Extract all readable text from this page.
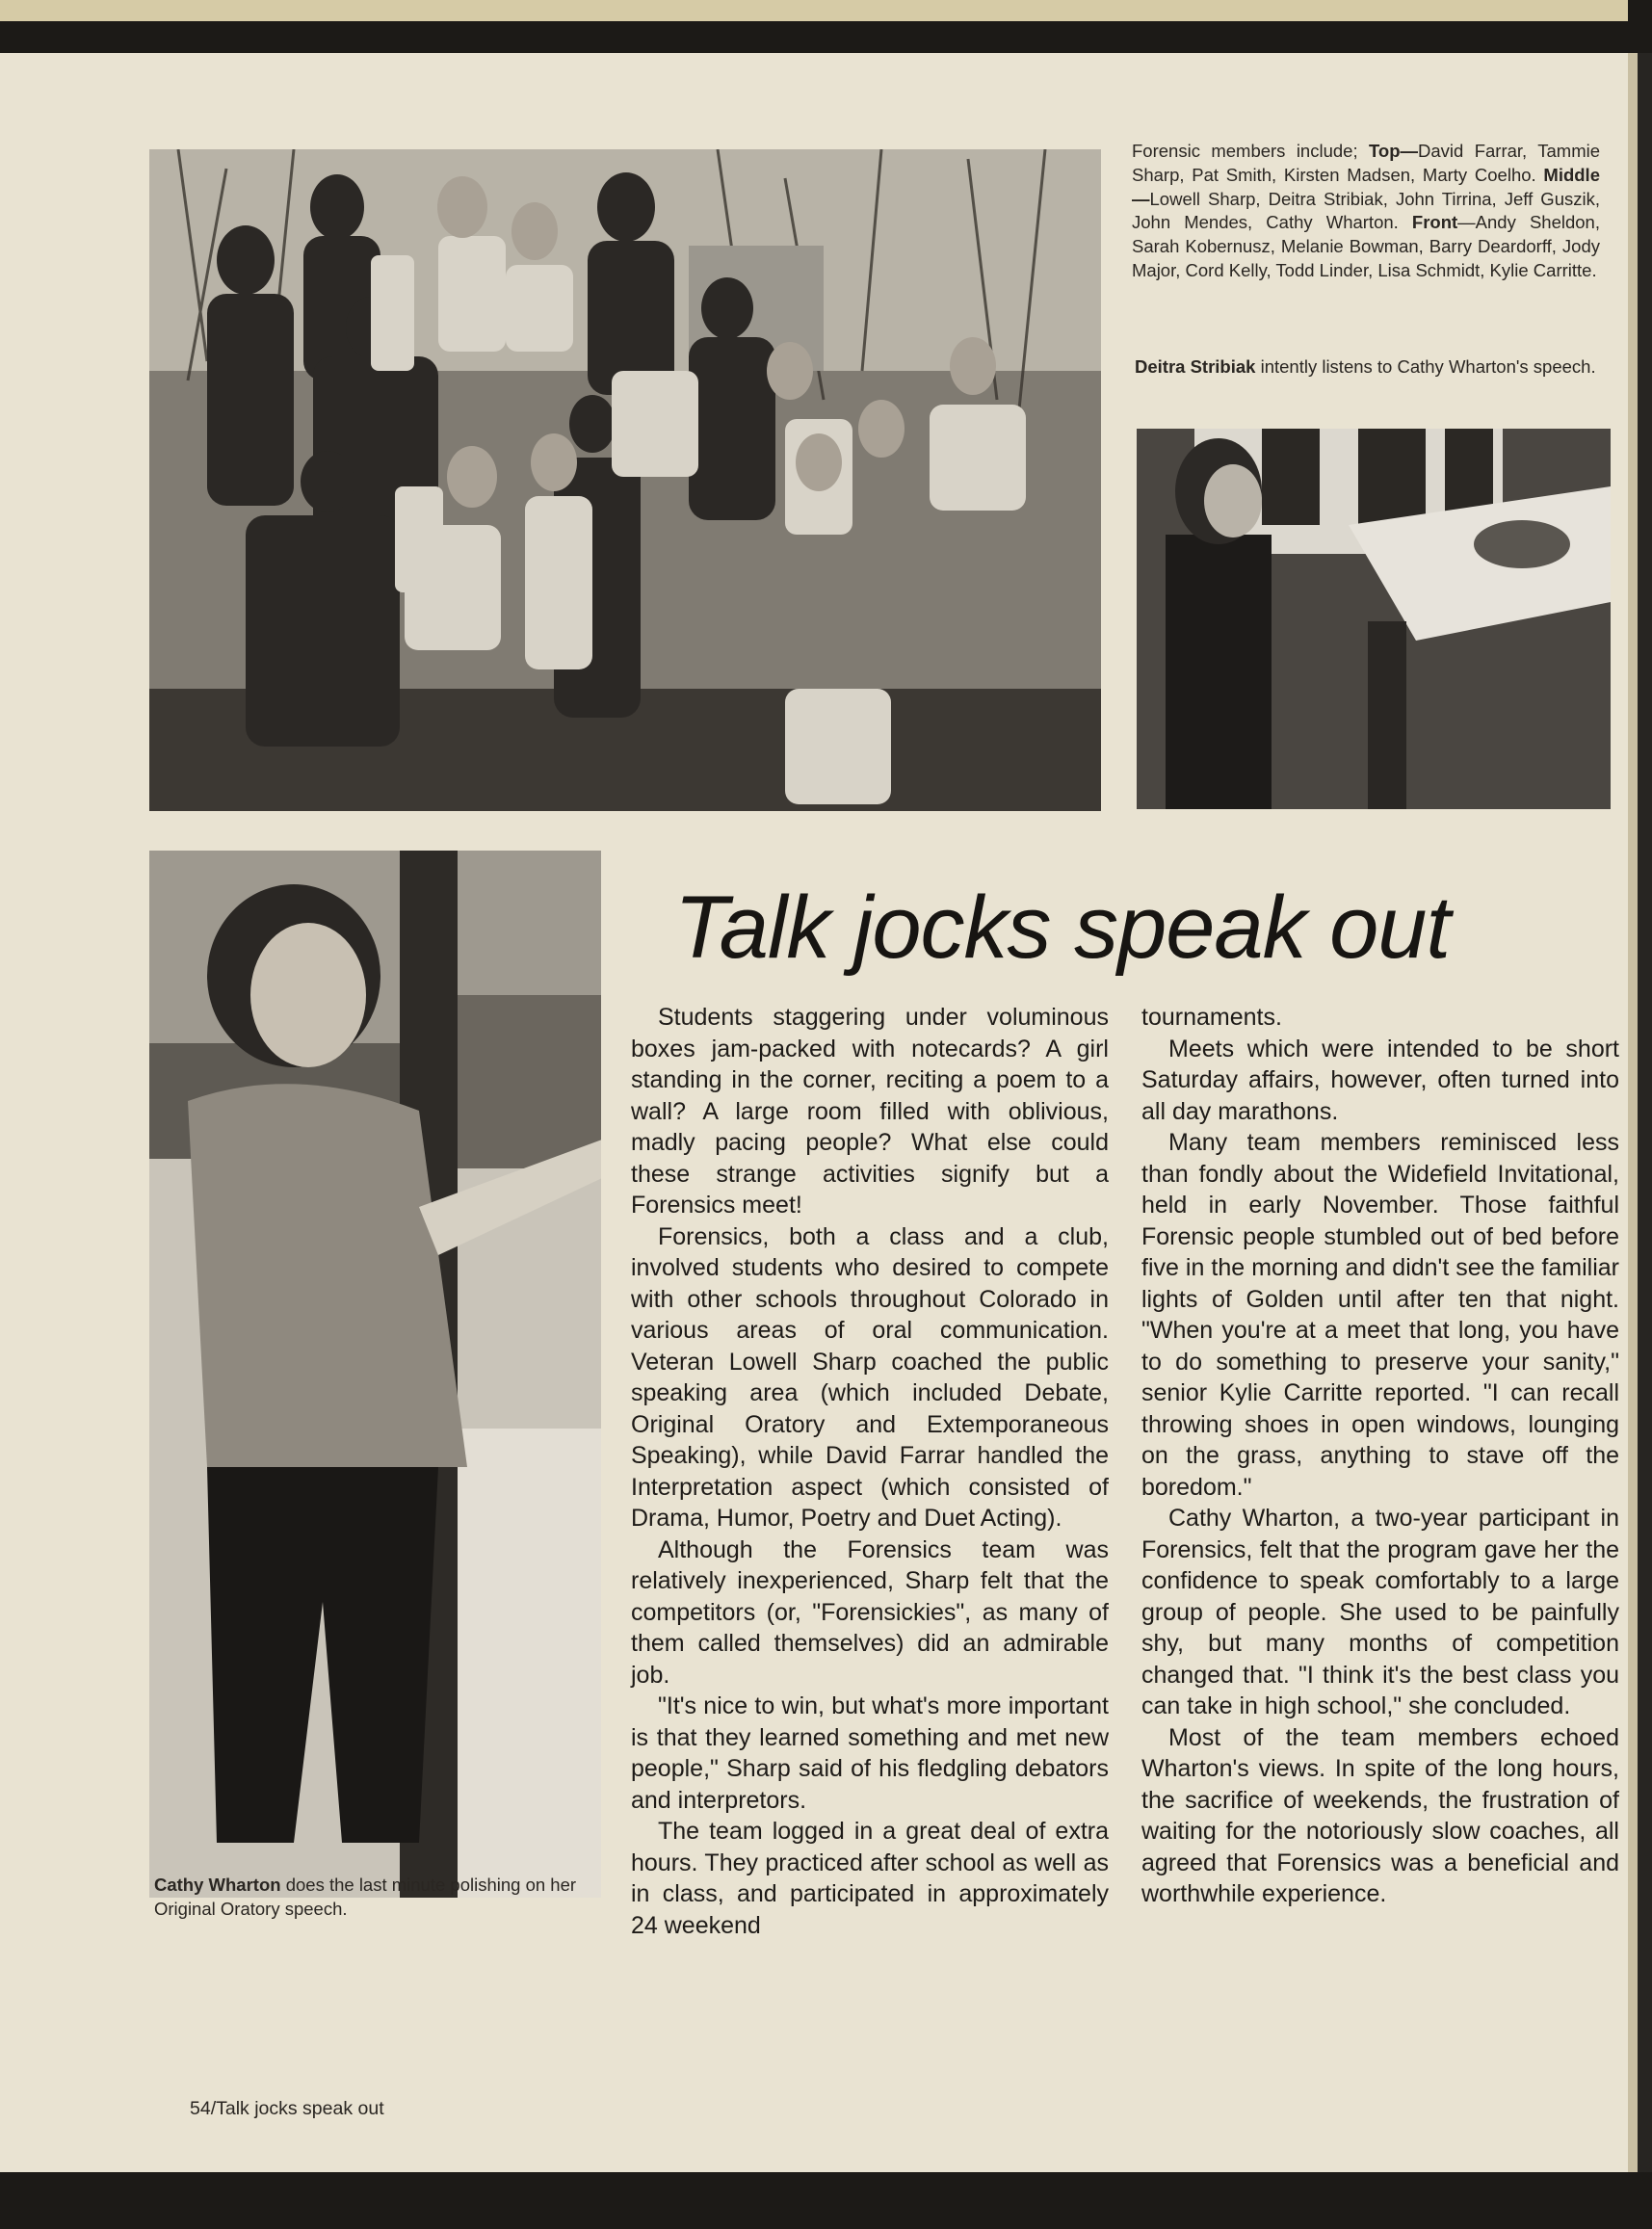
Forensic members include; Top—David Farrar, Tammie Sharp, Pat Smith, Kirsten Madsen, Marty Coelho. Middle—Lowell Sharp, Deitra Stribiak, John Tirrina, Jeff Guszik, John Mendes, Cathy Wharton. Front—Andy Sheldon, Sarah Kobernusz, Melanie Bowman, Barry Deardorff, Jody Major, Cord Kelly, Todd Linder, Lisa Schmidt, Kylie Carritte.

Deitra Stribiak intently listens to Cathy Wharton's speech.

Cathy Wharton does the last minute polishing on her Original Oratory speech.

Talk jocks speak out

Students staggering under voluminous boxes jam-packed with notecards? A girl standing in the corner, reciting a poem to a wall? A large room filled with oblivious, madly pacing people? What else could these strange activities signify but a Forensics meet!

Forensics, both a class and a club, involved students who desired to compete with other schools throughout Colorado in various areas of oral communication. Veteran Lowell Sharp coached the public speaking area (which included Debate, Original Oratory and Extemporaneous Speaking), while David Farrar handled the Interpretation aspect (which consisted of Drama, Humor, Poetry and Duet Acting).

Although the Forensics team was relatively inexperienced, Sharp felt that the competitors (or, "Forensickies", as many of them called themselves) did an admirable job.

"It's nice to win, but what's more important is that they learned something and met new people," Sharp said of his fledgling debators and interpretors.

The team logged in a great deal of extra hours. They practiced after school as well as in class, and participated in approximately 24 weekend

tournaments.

Meets which were intended to be short Saturday affairs, however, often turned into all day marathons.

Many team members reminisced less than fondly about the Widefield Invitational, held in early November. Those faithful Forensic people stumbled out of bed before five in the morning and didn't see the familiar lights of Golden until after ten that night. "When you're at a meet that long, you have to do something to preserve your sanity," senior Kylie Carritte reported. "I can recall throwing shoes in open windows, lounging on the grass, anything to stave off the boredom."

Cathy Wharton, a two-year participant in Forensics, felt that the program gave her the confidence to speak comfortably to a large group of people. She used to be painfully shy, but many months of competition changed that. "I think it's the best class you can take in high school," she concluded.

Most of the team members echoed Wharton's views. In spite of the long hours, the sacrifice of weekends, the frustration of waiting for the notoriously slow coaches, all agreed that Forensics was a beneficial and worthwhile experience.

54/Talk jocks speak out
